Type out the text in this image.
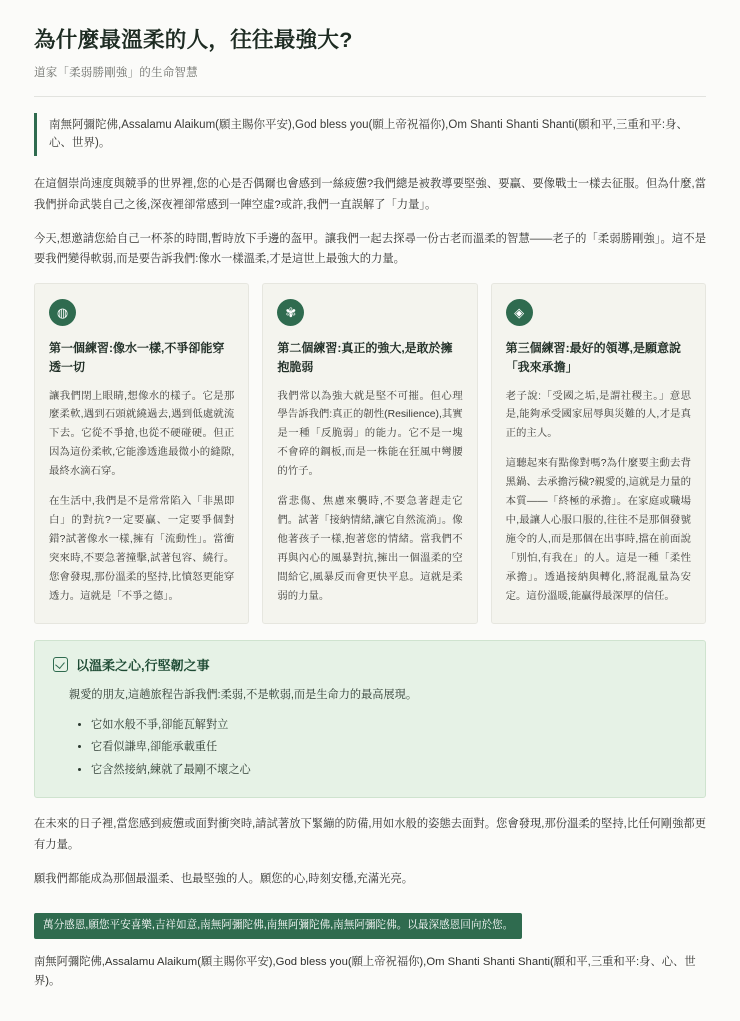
為什麼最溫柔的人，往往最強大?
道家「柔弱勝剛強」的生命智慧
南無阿彌陀佛,Assalamu Alaikum(願主賜你平安),God bless you(願上帝祝福你),Om Shanti Shanti Shanti(願和平,三重和平:身、心、世界)。

在這個崇尚速度與競爭的世界裡,您的心是否偶爾也會感到一絲疲憊?我們總是被教導要堅強、要贏、要像戰士一樣去征服。但為什麼,當我們拼命武裝自己之後,深夜裡卻常感到一陣空虛?或許,我們一直誤解了「力量」。

今天,想邀請您給自己一杯茶的時間,暫時放下手邊的盔甲。讓我們一起去探尋一份古老而溫柔的智慧——老子的「柔弱勝剛強」。這不是要我們變得軟弱,而是要告訴我們:像水一樣溫柔,才是這世上最強大的力量。

◍
第一個練習:像水一樣,不爭卻能穿透一切

讓我們閉上眼睛,想像水的樣子。它是那麼柔軟,遇到石頭就繞過去,遇到低處就流下去。它從不爭搶,也從不硬碰硬。但正因為這份柔軟,它能滲透進最微小的縫隙,最終水滴石穿。

在生活中,我們是不是常常陷入「非黑即白」的對抗?一定要贏、一定要爭個對錯?試著像水一樣,擁有「流動性」。當衝突來時,不要急著撞擊,試著包容、繞行。您會發現,那份溫柔的堅持,比憤怒更能穿透力。這就是「不爭之德」。

✾
第二個練習:真正的強大,是敢於擁抱脆弱

我們常以為強大就是堅不可摧。但心理學告訴我們:真正的韌性(Resilience),其實是一種「反脆弱」的能力。它不是一塊不會碎的鋼板,而是一株能在狂風中彎腰的竹子。

當悲傷、焦慮來襲時,不要急著趕走它們。試著「接納情緒,讓它自然流淌」。像他著孩子一樣,抱著您的情緒。當我們不再與內心的風暴對抗,擁出一個溫柔的空間給它,風暴反而會更快平息。這就是柔弱的力量。

◈
第三個練習:最好的領導,是願意說「我來承擔」

老子說:「受國之垢,是謂社稷主。」意思是,能夠承受國家屈辱與災難的人,才是真正的主人。

這聽起來有點像對嗎?為什麼要主動去背黑鍋、去承擔污穢?親愛的,這就是力量的本質——「終極的承擔」。在家庭或職場中,最讓人心服口服的,往往不是那個發號施令的人,而是那個在出事時,擋在前面說「別怕,有我在」的人。這是一種「柔性承擔」。透過接納與轉化,將混亂量為安定。這份溫暖,能贏得最深厚的信任。

以溫柔之心,行堅韌之事

親愛的朋友,這趟旅程告訴我們:柔弱,不是軟弱,而是生命力的最高展現。

• 它如水般不爭,卻能瓦解對立
• 它看似謙卑,卻能承載重任
• 它含然接納,練就了最剛不壞之心

在未來的日子裡,當您感到疲憊或面對衝突時,請試著放下緊繃的防備,用如水般的姿態去面對。您會發現,那份溫柔的堅持,比任何剛強都更有力量。

願我們都能成為那個最溫柔、也最堅強的人。願您的心,時刻安穩,充滿光亮。

萬分感恩,願您平安喜樂,吉祥如意,南無阿彌陀佛,南無阿彌陀佛,南無阿彌陀佛。以最深感恩回向於您。

南無阿彌陀佛,Assalamu Alaikum(願主賜你平安),God bless you(願上帝祝福你),Om Shanti Shanti Shanti(願和平,三重和平:身、心、世界)。
